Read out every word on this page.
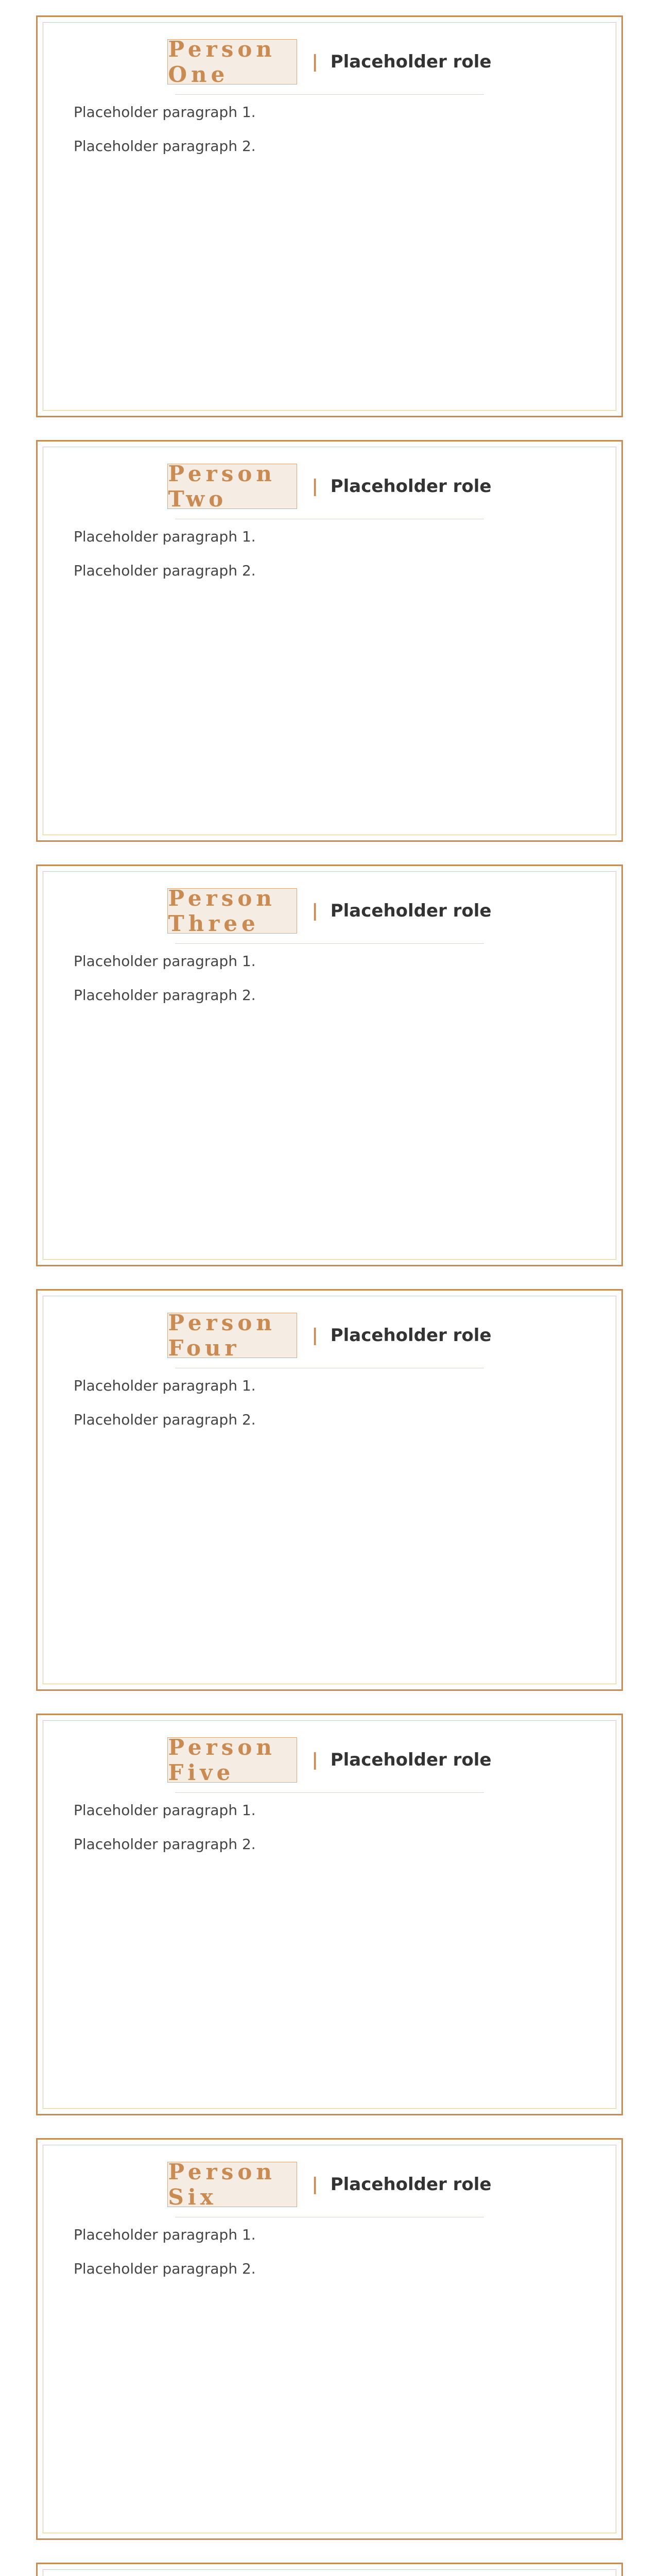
Person One	| Placeholder role

Placeholder paragraph 1.

Placeholder paragraph 2.

Person Two	| Placeholder role

Placeholder paragraph 1.

Placeholder paragraph 2.

Person Three	| Placeholder role

Placeholder paragraph 1.

Placeholder paragraph 2.

Person Four	| Placeholder role

Placeholder paragraph 1.

Placeholder paragraph 2.

Person Five	| Placeholder role

Placeholder paragraph 1.

Placeholder paragraph 2.

Person Six	| Placeholder role

Placeholder paragraph 1.

Placeholder paragraph 2.
